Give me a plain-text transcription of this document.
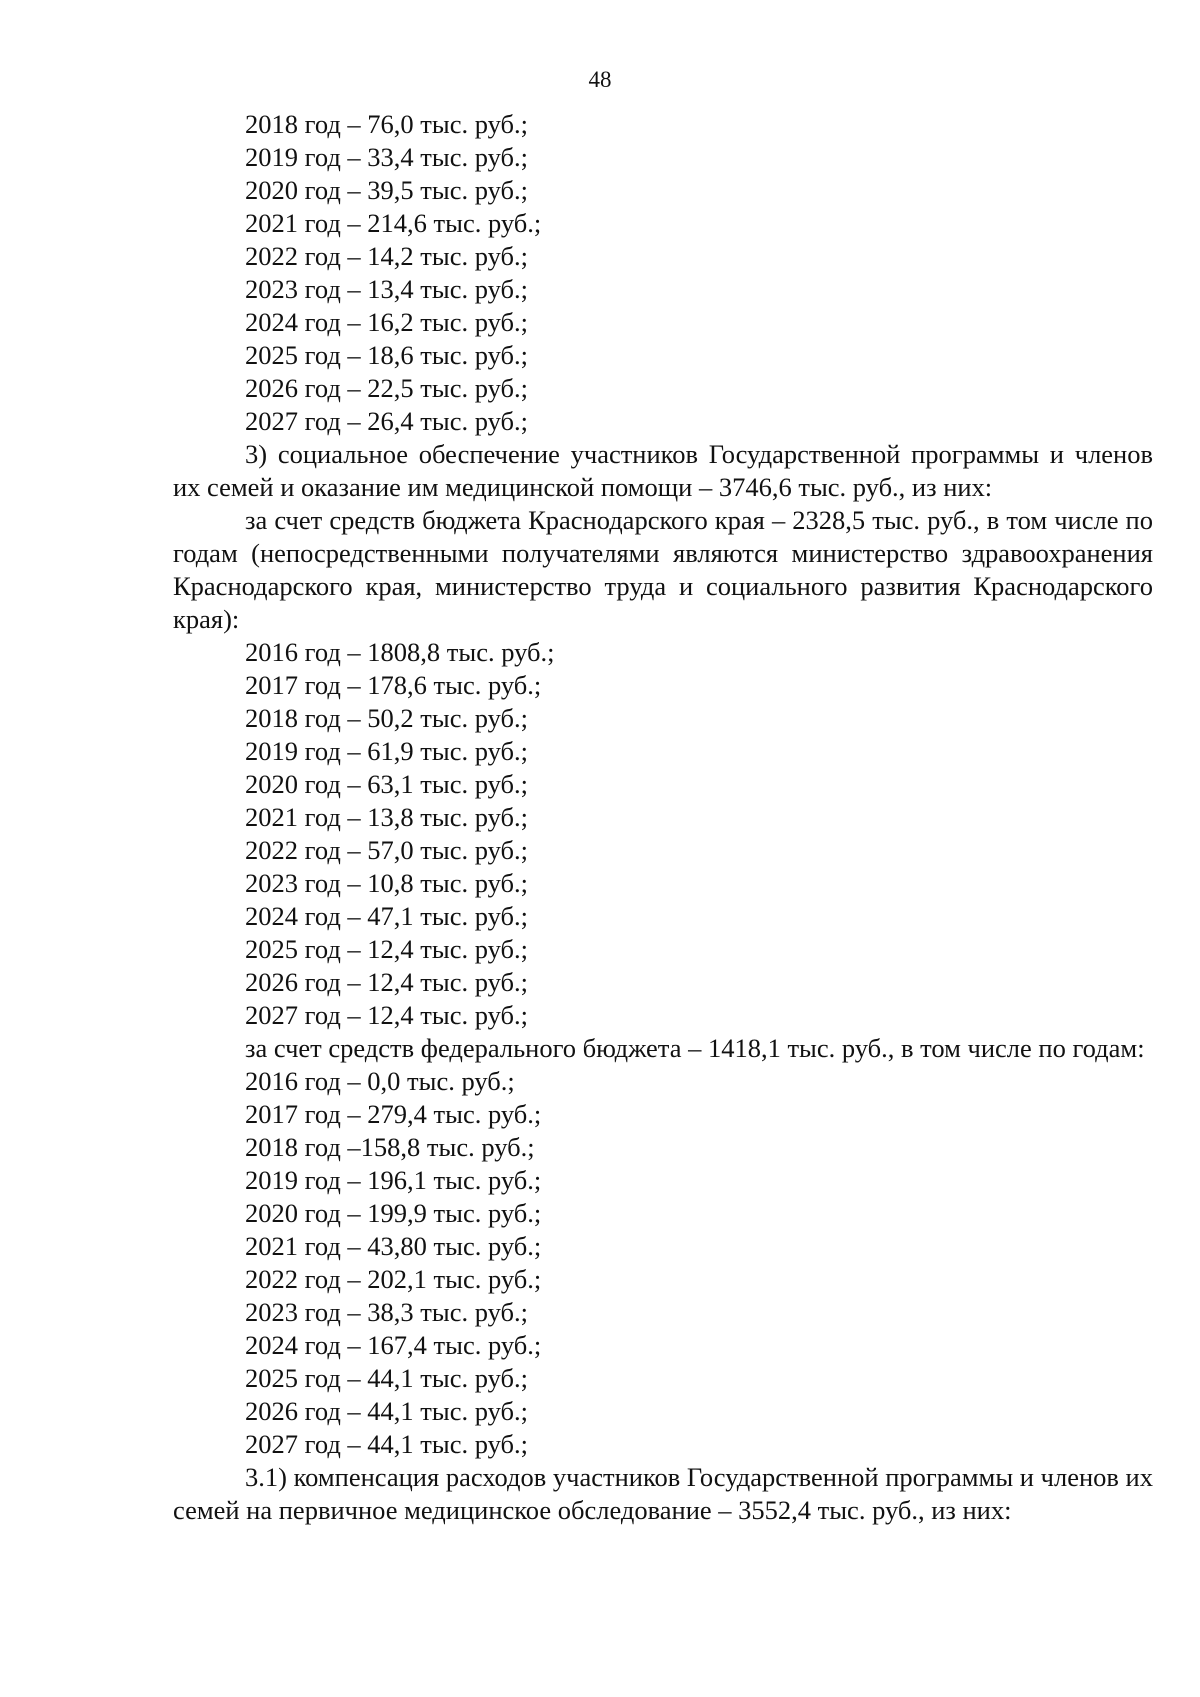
48

2018 год – 76,0 тыс. руб.;

2019 год – 33,4 тыс. руб.;

2020 год – 39,5 тыс. руб.;

2021 год – 214,6 тыс. руб.;

2022 год – 14,2 тыс. руб.;

2023 год – 13,4 тыс. руб.;

2024 год – 16,2 тыс. руб.;

2025 год – 18,6 тыс. руб.;

2026 год – 22,5 тыс. руб.;

2027 год – 26,4 тыс. руб.;

3) социальное обеспечение участников Государственной программы и членов их семей и оказание им медицинской помощи – 3746,6 тыс. руб., из них:

за счет средств бюджета Краснодарского края – 2328,5 тыс. руб., в том числе по годам (непосредственными получателями являются министерство здравоохранения Краснодарского края, министерство труда и социального развития Краснодарского края):

2016 год – 1808,8 тыс. руб.;

2017 год – 178,6 тыс. руб.;

2018 год – 50,2 тыс. руб.;

2019 год – 61,9 тыс. руб.;

2020 год – 63,1 тыс. руб.;

2021 год – 13,8 тыс. руб.;

2022 год – 57,0 тыс. руб.;

2023 год – 10,8 тыс. руб.;

2024 год – 47,1 тыс. руб.;

2025 год – 12,4 тыс. руб.;

2026 год – 12,4 тыс. руб.;

2027 год – 12,4 тыс. руб.;

за счет средств федерального бюджета – 1418,1 тыс. руб., в том числе по годам:

2016 год – 0,0 тыс. руб.;

2017 год – 279,4 тыс. руб.;

2018 год –158,8 тыс. руб.;

2019 год – 196,1 тыс. руб.;

2020 год – 199,9 тыс. руб.;

2021 год – 43,80 тыс. руб.;

2022 год – 202,1 тыс. руб.;

2023 год – 38,3 тыс. руб.;

2024 год – 167,4 тыс. руб.;

2025 год – 44,1 тыс. руб.;

2026 год – 44,1 тыс. руб.;

2027 год – 44,1 тыс. руб.;

3.1) компенсация расходов участников Государственной программы и членов их семей на первичное медицинское обследование – 3552,4 тыс. руб., из них:
